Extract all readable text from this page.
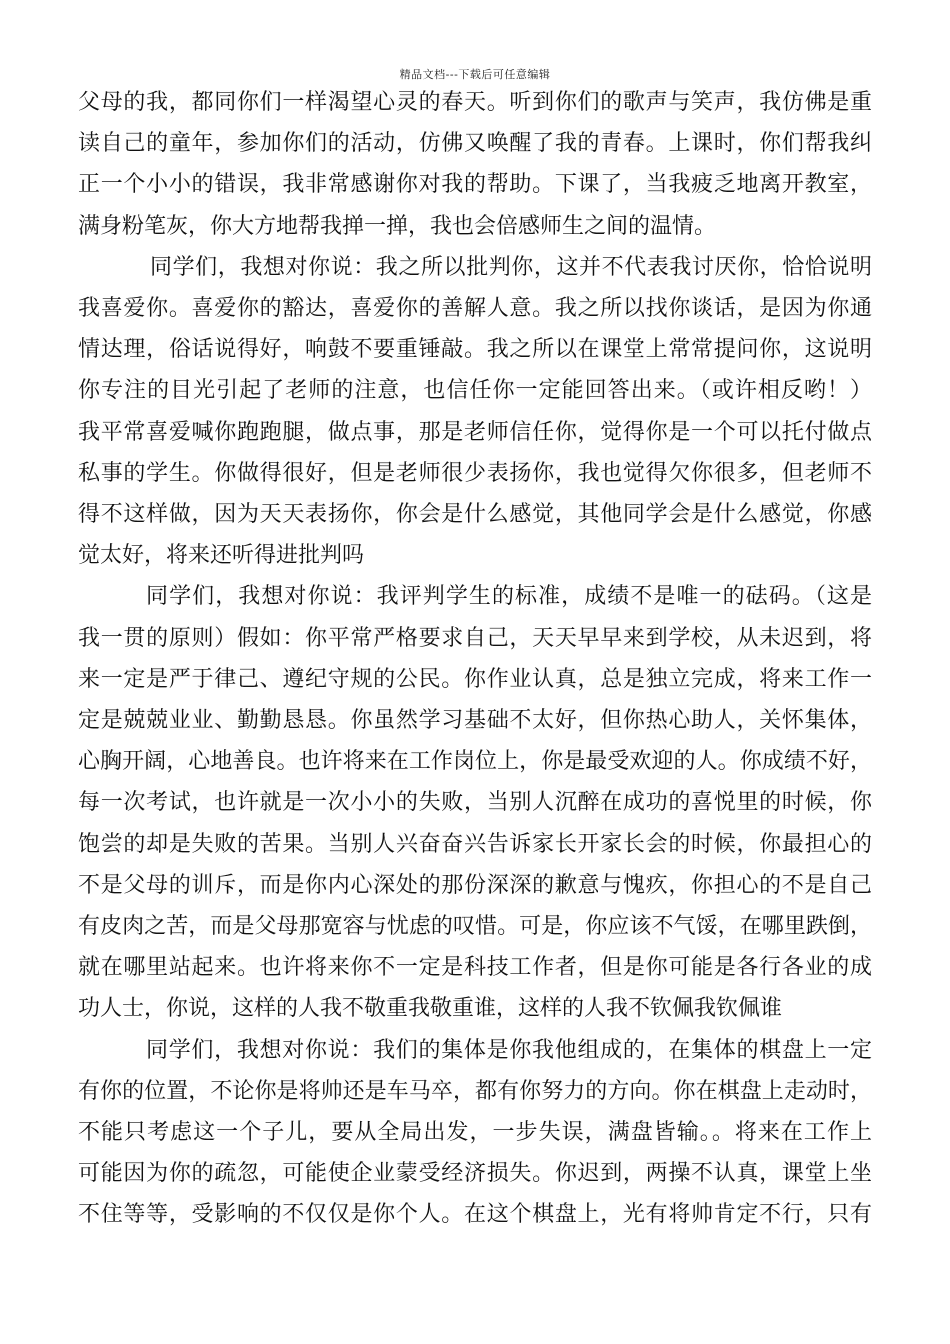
精品文档---下载后可任意编辑
父母的我，都同你们一样渴望心灵的春天。听到你们的歌声与笑声，我仿佛是重
读自己的童年，参加你们的活动，仿佛又唤醒了我的青春。上课时，你们帮我纠
正一个小小的错误，我非常感谢你对我的帮助。下课了，当我疲乏地离开教室，
满身粉笔灰，你大方地帮我掸一掸，我也会倍感师生之间的温情。
同学们，我想对你说：我之所以批判你，这并不代表我讨厌你，恰恰说明
我喜爱你。喜爱你的豁达，喜爱你的善解人意。我之所以找你谈话，是因为你通
情达理，俗话说得好，响鼓不要重锤敲。我之所以在课堂上常常提问你，这说明
你专注的目光引起了老师的注意，也信任你一定能回答出来。（或许相反哟！）
我平常喜爱喊你跑跑腿，做点事，那是老师信任你，觉得你是一个可以托付做点
私事的学生。你做得很好，但是老师很少表扬你，我也觉得欠你很多，但老师不
得不这样做，因为天天表扬你，你会是什么感觉，其他同学会是什么感觉，你感
觉太好，将来还听得进批判吗
同学们，我想对你说：我评判学生的标准，成绩不是唯一的砝码。（这是
我一贯的原则）假如：你平常严格要求自己，天天早早来到学校，从未迟到，将
来一定是严于律己、遵纪守规的公民。你作业认真，总是独立完成，将来工作一
定是兢兢业业、勤勤恳恳。你虽然学习基础不太好，但你热心助人，关怀集体，
心胸开阔，心地善良。也许将来在工作岗位上，你是最受欢迎的人。你成绩不好，
每一次考试，也许就是一次小小的失败，当别人沉醉在成功的喜悦里的时候，你
饱尝的却是失败的苦果。当别人兴奋奋兴告诉家长开家长会的时候，你最担心的
不是父母的训斥，而是你内心深处的那份深深的歉意与愧疚，你担心的不是自己
有皮肉之苦，而是父母那宽容与忧虑的叹惜。可是，你应该不气馁，在哪里跌倒，
就在哪里站起来。也许将来你不一定是科技工作者，但是你可能是各行各业的成
功人士，你说，这样的人我不敬重我敬重谁，这样的人我不钦佩我钦佩谁
同学们，我想对你说：我们的集体是你我他组成的，在集体的棋盘上一定
有你的位置，不论你是将帅还是车马卒，都有你努力的方向。你在棋盘上走动时，
不能只考虑这一个子儿，要从全局出发，一步失误，满盘皆输。。将来在工作上
可能因为你的疏忽，可能使企业蒙受经济损失。你迟到，两操不认真，课堂上坐
不住等等，受影响的不仅仅是你个人。在这个棋盘上，光有将帅肯定不行，只有
